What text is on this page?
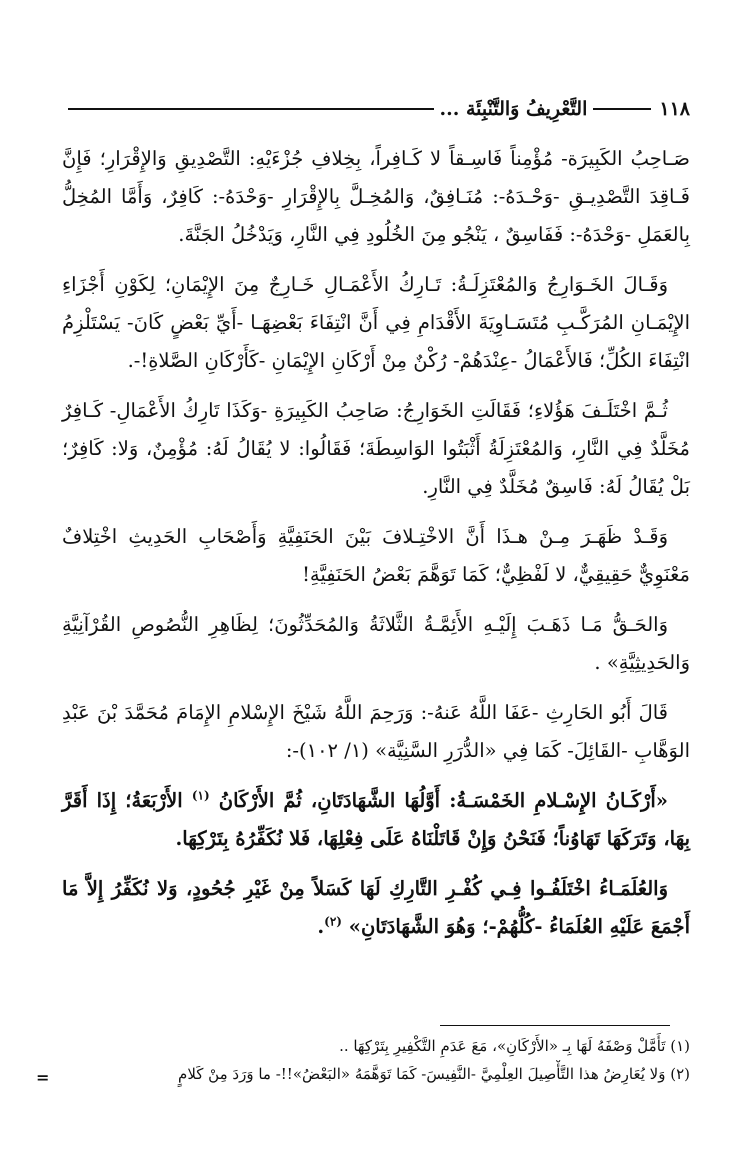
١١٨
التَّعْرِيفُ وَالتَّنْبِئَة ...

صَـاحِبُ الكَبِيرَة- مُؤْمِناً فَاسِـقاً لا كَـافِراً، بِخِلافِ جُزْءَيْهِ: التَّصْدِيقِ وَالإِقْرَارِ؛ فَإِنَّ فَـاقِدَ التَّصْدِيـقِ -وَحْـدَهُ-: مُنَـافِقٌ، وَالمُخِـلَّ بِالإِقْرَارِ -وَحْدَهُ-: كَافِرٌ، وَأَمَّا المُخِلُّ بِالعَمَلِ -وَحْدَهُ-: فَفَاسِقٌ ، يَنْجُو مِنَ الخُلُودِ فِي النَّارِ، وَيَدْخُلُ الجَنَّةَ.

وَقَـالَ الخَـوَارِجُ وَالمُعْتَزِلَـةُ: تَـارِكُ الأَعْمَـالِ خَـارِجٌ مِنَ الإِيْمَانِ؛ لِكَوْنِ أَجْزَاءِ الإِيْمَـانِ المُرَكَّـبِ مُتَسَـاوِيَةَ الأَقْدَامِ فِي أَنَّ انْتِفَاءَ بَعْضِهَـا -أَيِّ بَعْضٍ كَانَ- يَسْتَلْزِمُ انْتِفَاءَ الكُلِّ؛ فَالأَعْمَالُ -عِنْدَهُمْ- رُكْنٌ مِنْ أَرْكَانِ الإِيْمَانِ -كَأَرْكَانِ الصَّلاةِ!-.

ثُـمَّ اخْتَلَـفَ هَؤُلاءِ؛ فَقَالَتِ الخَوَارِجُ: صَاحِبُ الكَبِيرَةِ -وَكَذَا تَارِكُ الأَعْمَالِ- كَـافِرٌ مُخَلَّدٌ فِي النَّارِ، وَالمُعْتَزِلَةُ أَثْبَتُوا الوَاسِطَةَ؛ فَقَالُوا: لا يُقَالُ لَهُ: مُؤْمِنٌ، وَلا: كَافِرٌ؛ بَلْ يُقَالُ لَهُ: فَاسِقٌ مُخَلَّدٌ فِي النَّارِ.

وَقَـدْ ظَهَـرَ مِـنْ هـذَا أَنَّ الاخْتِـلافَ بَيْنَ الحَنَفِيَّةِ وَأَصْحَابِ الحَدِيثِ اخْتِلافٌ مَعْنَوِيٌّ حَقِيقِيٌّ، لا لَفْظِيٌّ؛ كَمَا تَوَهَّمَ بَعْضُ الحَنَفِيَّةِ!

وَالحَـقُّ مَـا ذَهَـبَ إِلَيْـهِ الأَئِمَّـةُ الثَّلاثَةُ وَالمُحَدِّثُونَ؛ لِظَاهِرِ النُّصُوصِ القُرْآنِيَّةِ وَالحَدِيثِيَّةِ» .

قَالَ أَبُو الحَارِثِ -عَفَا اللَّهُ عَنهُ-: وَرَحِمَ اللَّهُ شَيْخَ الإِسْلامِ الإِمَامَ مُحَمَّدَ بْنَ عَبْدِ الوَهَّابِ -القَائِلَ- كَمَا فِي «الدُّرَرِ السَّنِيَّة» (١/ ١٠٢)-:

«أَرْكَـانُ الإِسْـلامِ الخَمْسَـةُ: أَوَّلُهَا الشَّهَادَتَانِ، ثُمَّ الأَرْكَانُ $^{(١)}$ الأَرْبَعَةُ؛ إِذَا أَقَرَّ بِهَا، وَتَرَكَهَا تَهَاوُناً؛ فَنَحْنُ وَإِنْ قَاتَلْنَاهُ عَلَى فِعْلِهَا، فَلا نُكَفِّرُهُ بِتَرْكِهَا.

وَالعُلَمَـاءُ اخْتَلَفُـوا فِـي كُفْـرِ التَّارِكِ لَهَا كَسَلاً مِنْ غَيْرِ جُحُودٍ، وَلا نُكَفِّرُ إِلاَّ مَا أَجْمَعَ عَلَيْهِ العُلَمَاءُ -كُلُّهُمْ-؛ وَهُوَ الشَّهَادَتَانِ» $^{(٢)}$.

(١) تَأَمَّلْ وَصْفَهُ لَهَا بِـ «الأَرْكَانِ»، مَعَ عَدَمِ التَّكْفِيرِ بِتَرْكِهَا ..

(٢) وَلا يُعَارِضُ هذا التَّأْصِيلَ العِلْمِيَّ -النَّفِيسَ- كَمَا تَوَهَّمَهُ «البَعْضُ»!!- ما وَرَدَ مِنْ كَلامٍ

=
